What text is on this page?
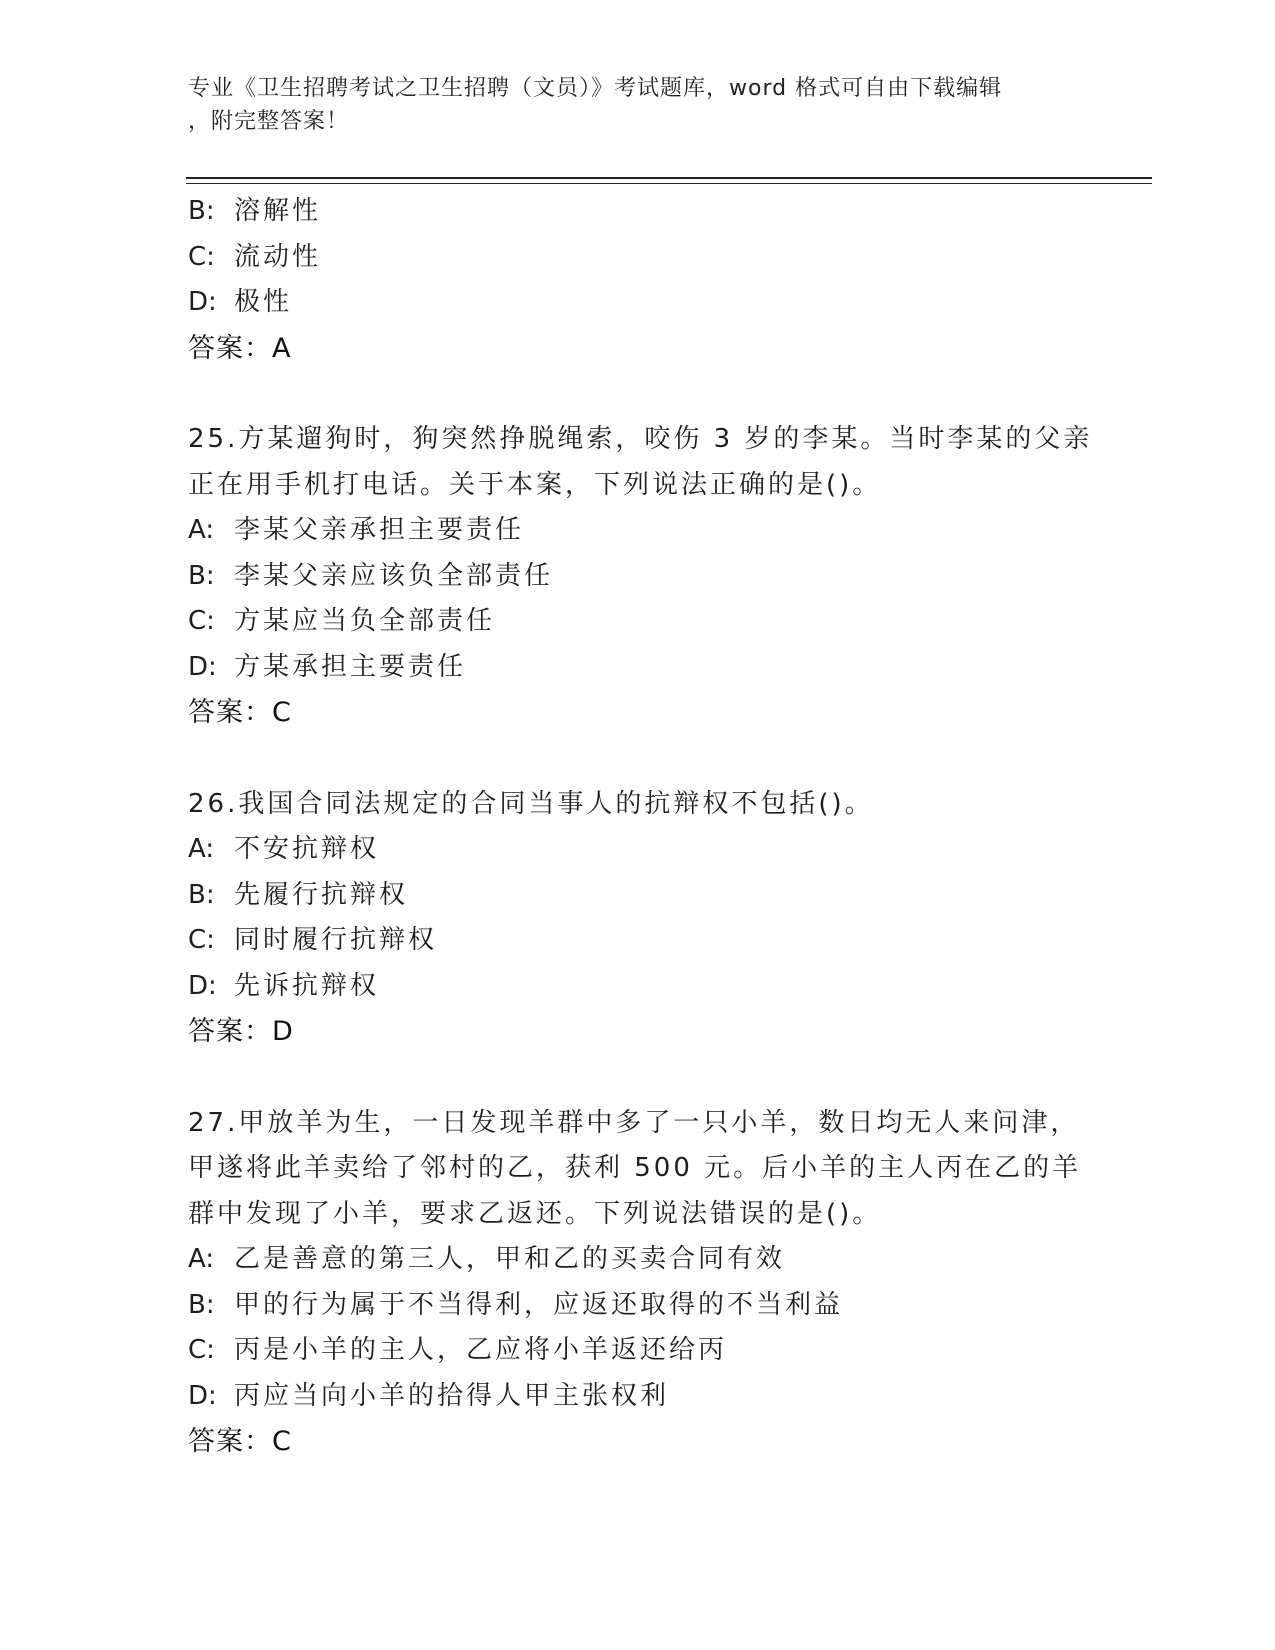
专业《卫生招聘考试之卫生招聘（文员）》考试题库，word 格式可自由下载编辑
，附完整答案！
B: 溶解性
C: 流动性
D: 极性
答案：A
25.方某遛狗时，狗突然挣脱绳索，咬伤 3 岁的李某。当时李某的父亲
正在用手机打电话。关于本案，下列说法正确的是()。
A: 李某父亲承担主要责任
B: 李某父亲应该负全部责任
C: 方某应当负全部责任
D: 方某承担主要责任
答案：C
26.我国合同法规定的合同当事人的抗辩权不包括()。
A: 不安抗辩权
B: 先履行抗辩权
C: 同时履行抗辩权
D: 先诉抗辩权
答案：D
27.甲放羊为生，一日发现羊群中多了一只小羊，数日均无人来问津，
甲遂将此羊卖给了邻村的乙，获利 500 元。后小羊的主人丙在乙的羊
群中发现了小羊，要求乙返还。下列说法错误的是()。
A: 乙是善意的第三人，甲和乙的买卖合同有效
B: 甲的行为属于不当得利，应返还取得的不当利益
C: 丙是小羊的主人，乙应将小羊返还给丙
D: 丙应当向小羊的拾得人甲主张权利
答案：C
